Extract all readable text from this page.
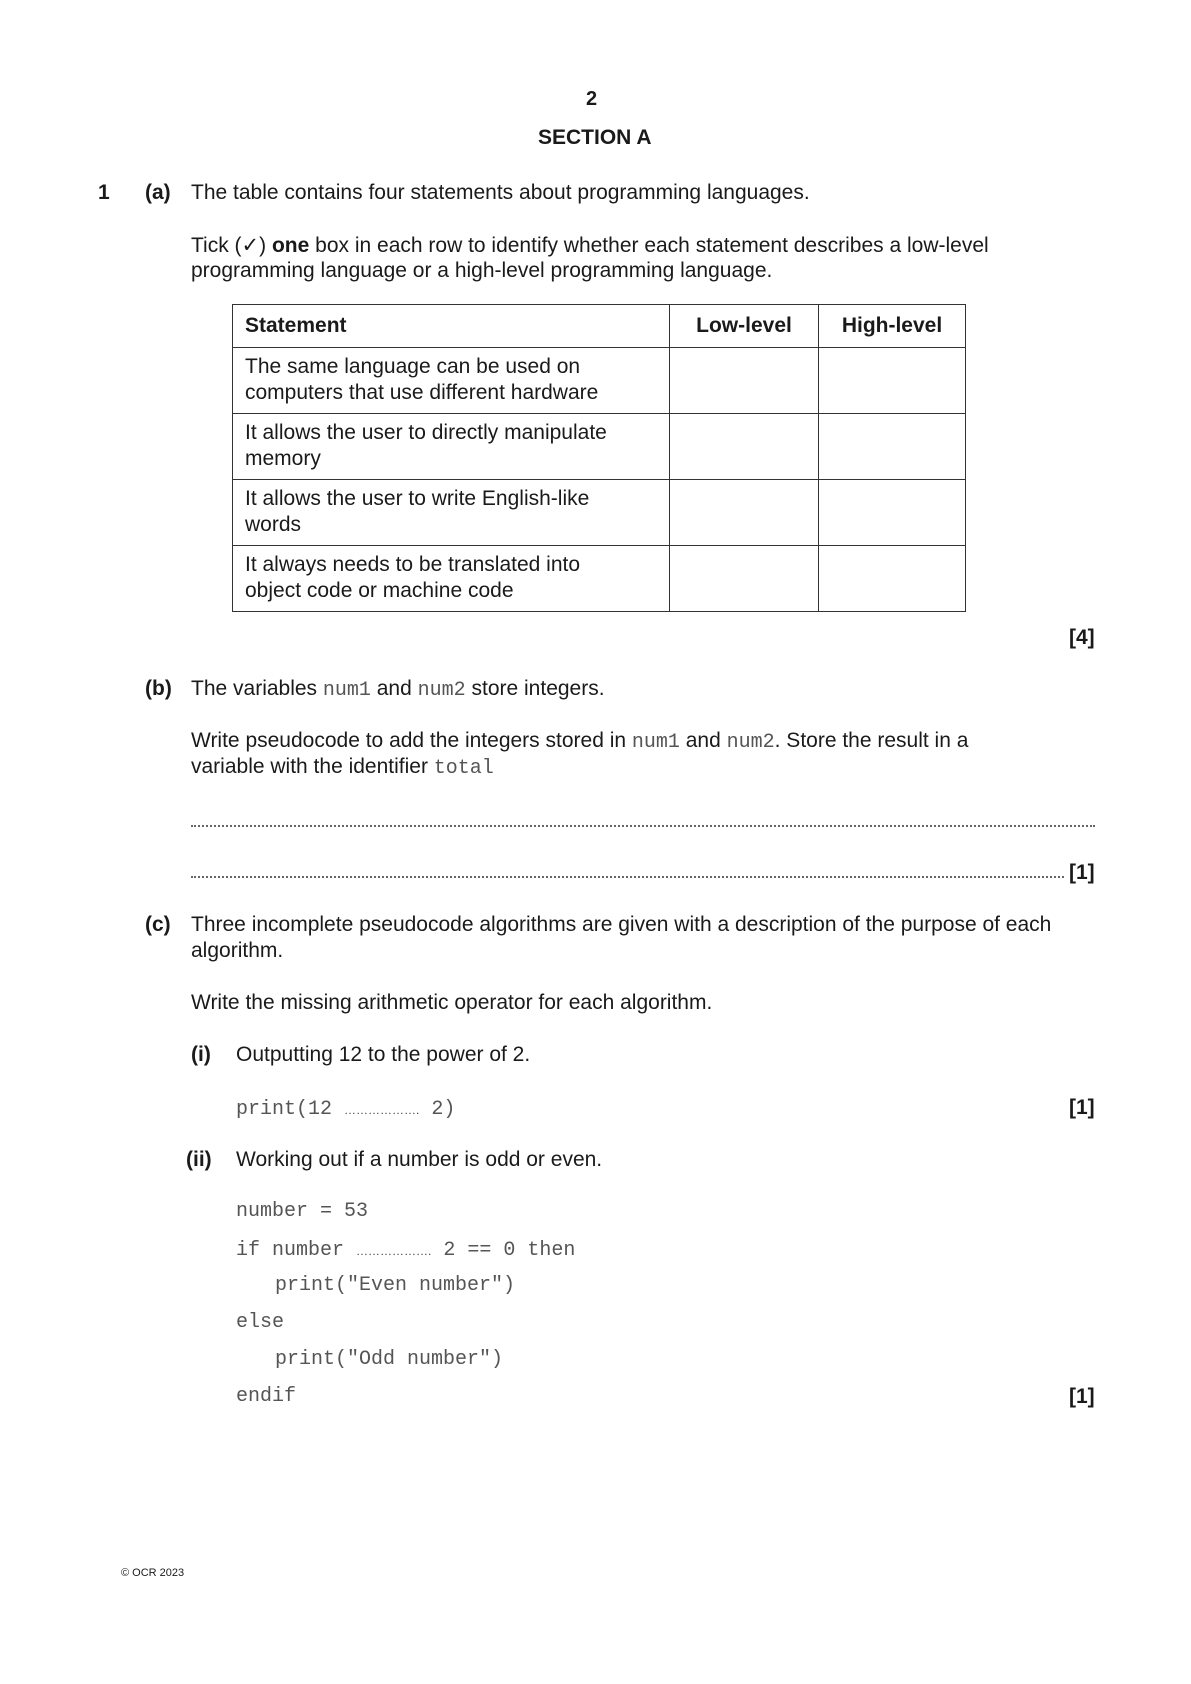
2
SECTION A
1 (a) The table contains four statements about programming languages.
Tick (✓) one box in each row to identify whether each statement describes a low-level
programming language or a high-level programming language.
Statement	Low-level	High-level

The same language can be used on
computers that use different hardware		

It allows the user to directly manipulate
memory		

It allows the user to write English-like
words		

It always needs to be translated into
object code or machine code		

[4]
(b) The variables num1 and num2 store integers.
Write pseudocode to add the integers stored in num1 and num2. Store the result in a
variable with the identifier total
[1]
(c) Three incomplete pseudocode algorithms are given with a description of the purpose of each
algorithm.
Write the missing arithmetic operator for each algorithm.
(i) Outputting 12 to the power of 2.
print(12 ………………. 2)	[1]
(ii) Working out if a number is odd or even.
number = 53
if number ………………. 2 == 0 then
print("Even number")
else
print("Odd number")
endif	[1]
© OCR 2023
